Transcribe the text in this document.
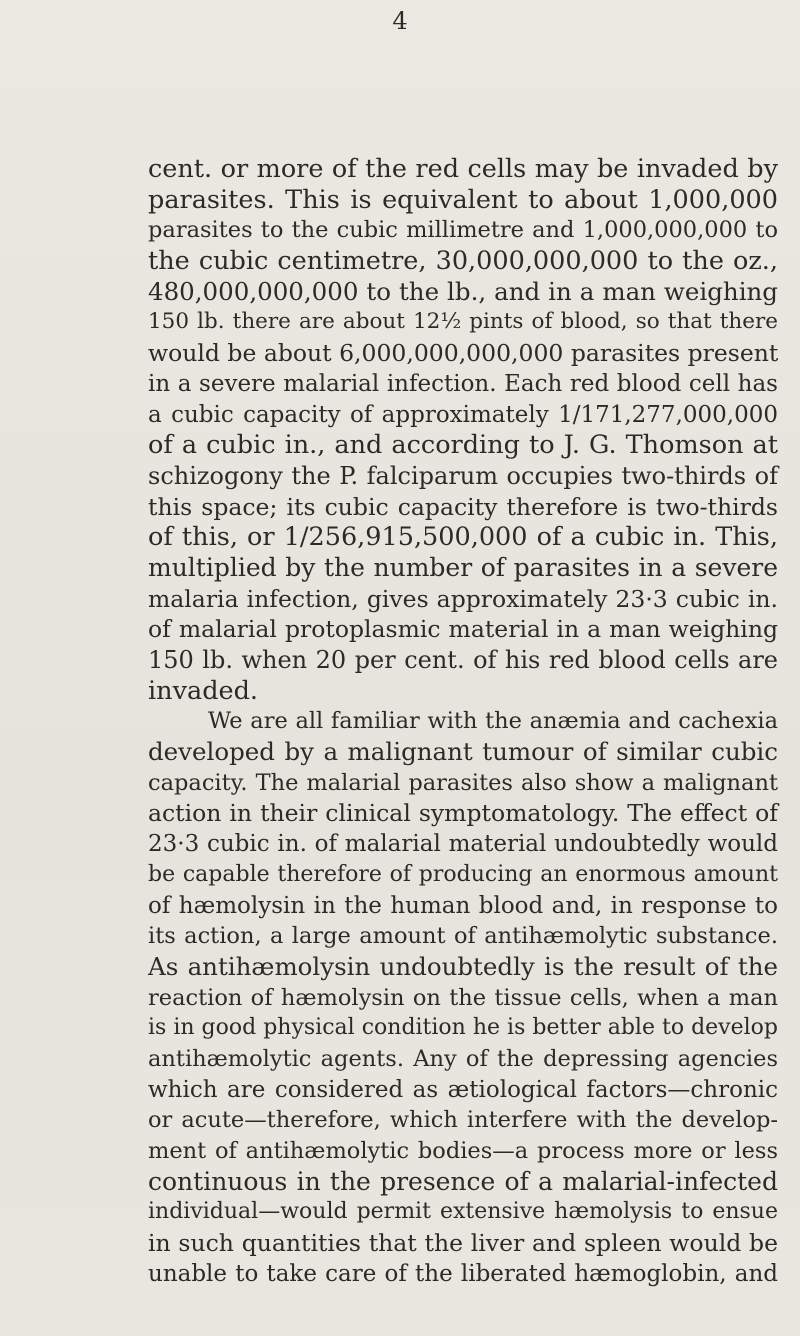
4
cent. or more of the red cells may be invaded by
parasites. This is equivalent to about 1,000,000
parasites to the cubic millimetre and 1,000,000,000 to
the cubic centimetre, 30,000,000,000 to the oz.,
480,000,000,000 to the lb., and in a man weighing
150 lb. there are about 12½ pints of blood, so that there
would be about 6,000,000,000,000 parasites present
in a severe malarial infection. Each red blood cell has
a cubic capacity of approximately 1/171,277,000,000
of a cubic in., and according to J. G. Thomson at
schizogony the P. falciparum occupies two-thirds of
this space; its cubic capacity therefore is two-thirds
of this, or 1/256,915,500,000 of a cubic in. This,
multiplied by the number of parasites in a severe
malaria infection, gives approximately 23·3 cubic in.
of malarial protoplasmic material in a man weighing
150 lb. when 20 per cent. of his red blood cells are
invaded.
We are all familiar with the anæmia and cachexia
developed by a malignant tumour of similar cubic
capacity. The malarial parasites also show a malignant
action in their clinical symptomatology. The effect of
23·3 cubic in. of malarial material undoubtedly would
be capable therefore of producing an enormous amount
of hæmolysin in the human blood and, in response to
its action, a large amount of antihæmolytic substance.
As antihæmolysin undoubtedly is the result of the
reaction of hæmolysin on the tissue cells, when a man
is in good physical condition he is better able to develop
antihæmolytic agents. Any of the depressing agencies
which are considered as ætiological factors—chronic
or acute—therefore, which interfere with the develop-
ment of antihæmolytic bodies—a process more or less
continuous in the presence of a malarial-infected
individual—would permit extensive hæmolysis to ensue
in such quantities that the liver and spleen would be
unable to take care of the liberated hæmoglobin, and
